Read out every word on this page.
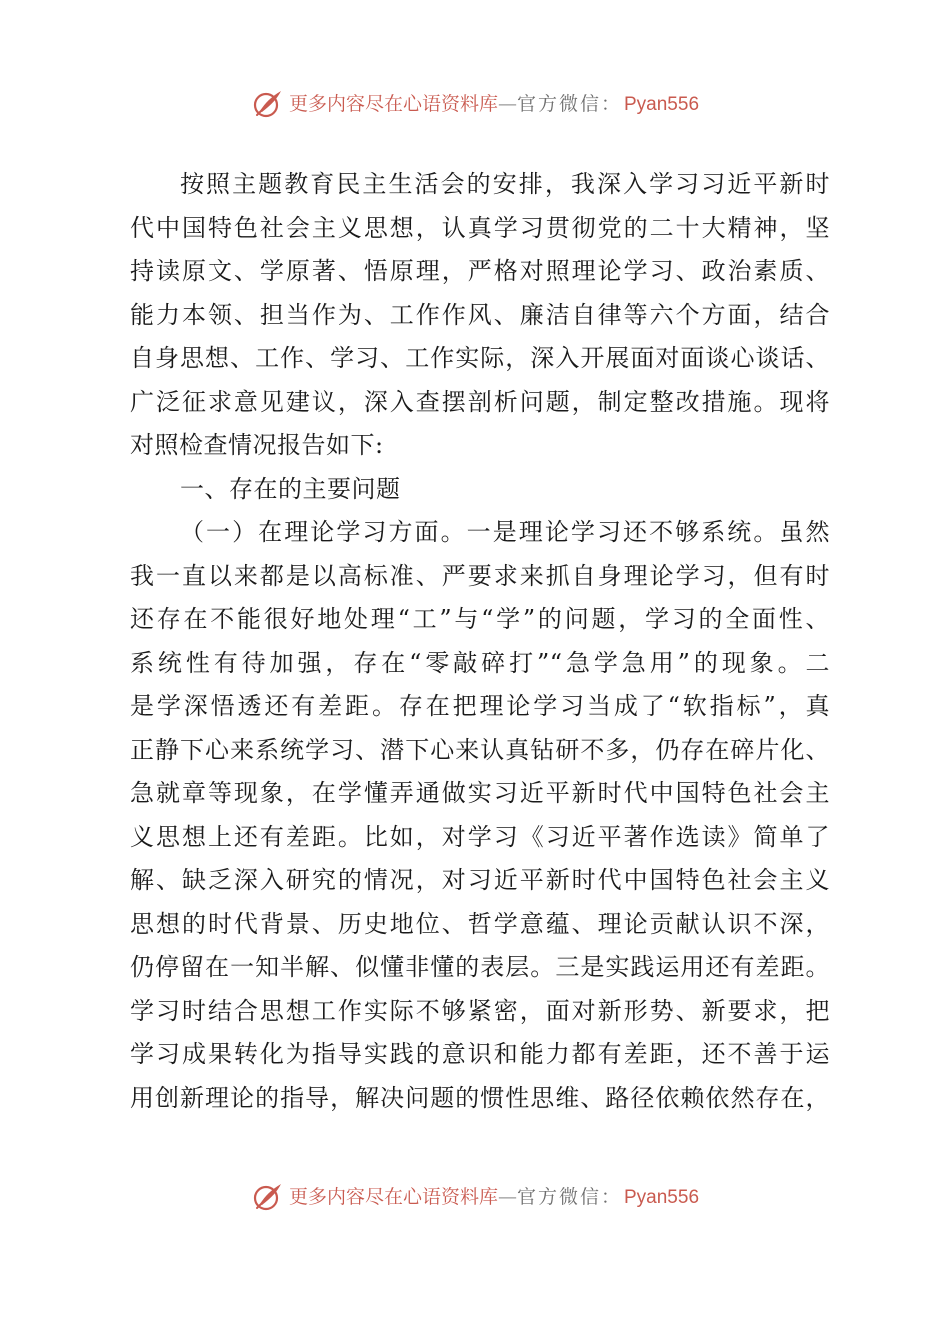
更多内容尽在心语资料库 — 官方微信： Pyan556
按照主题教育民主生活会的安排，我深入学习习近平新时
代中国特色社会主义思想，认真学习贯彻党的二十大精神，坚
持读原文、学原著、悟原理，严格对照理论学习、政治素质、
能力本领、担当作为、工作作风、廉洁自律等六个方面，结合
自身思想、工作、学习、工作实际，深入开展面对面谈心谈话、
广泛征求意见建议，深入查摆剖析问题，制定整改措施。现将
对照检查情况报告如下:
一、存在的主要问题
（一）在理论学习方面。一是理论学习还不够系统。虽然
我一直以来都是以高标准、严要求来抓自身理论学习，但有时
还存在不能很好地处理“工”与“学”的问题，学习的全面性、
系统性有待加强，存在“零敲碎打”“急学急用”的现象。二
是学深悟透还有差距。存在把理论学习当成了“软指标”，真
正静下心来系统学习、潜下心来认真钻研不多，仍存在碎片化、
急就章等现象，在学懂弄通做实习近平新时代中国特色社会主
义思想上还有差距。比如，对学习《习近平著作选读》简单了
解、缺乏深入研究的情况，对习近平新时代中国特色社会主义
思想的时代背景、历史地位、哲学意蕴、理论贡献认识不深，
仍停留在一知半解、似懂非懂的表层。三是实践运用还有差距。
学习时结合思想工作实际不够紧密，面对新形势、新要求，把
学习成果转化为指导实践的意识和能力都有差距，还不善于运
用创新理论的指导，解决问题的惯性思维、路径依赖依然存在，
更多内容尽在心语资料库 — 官方微信： Pyan556
